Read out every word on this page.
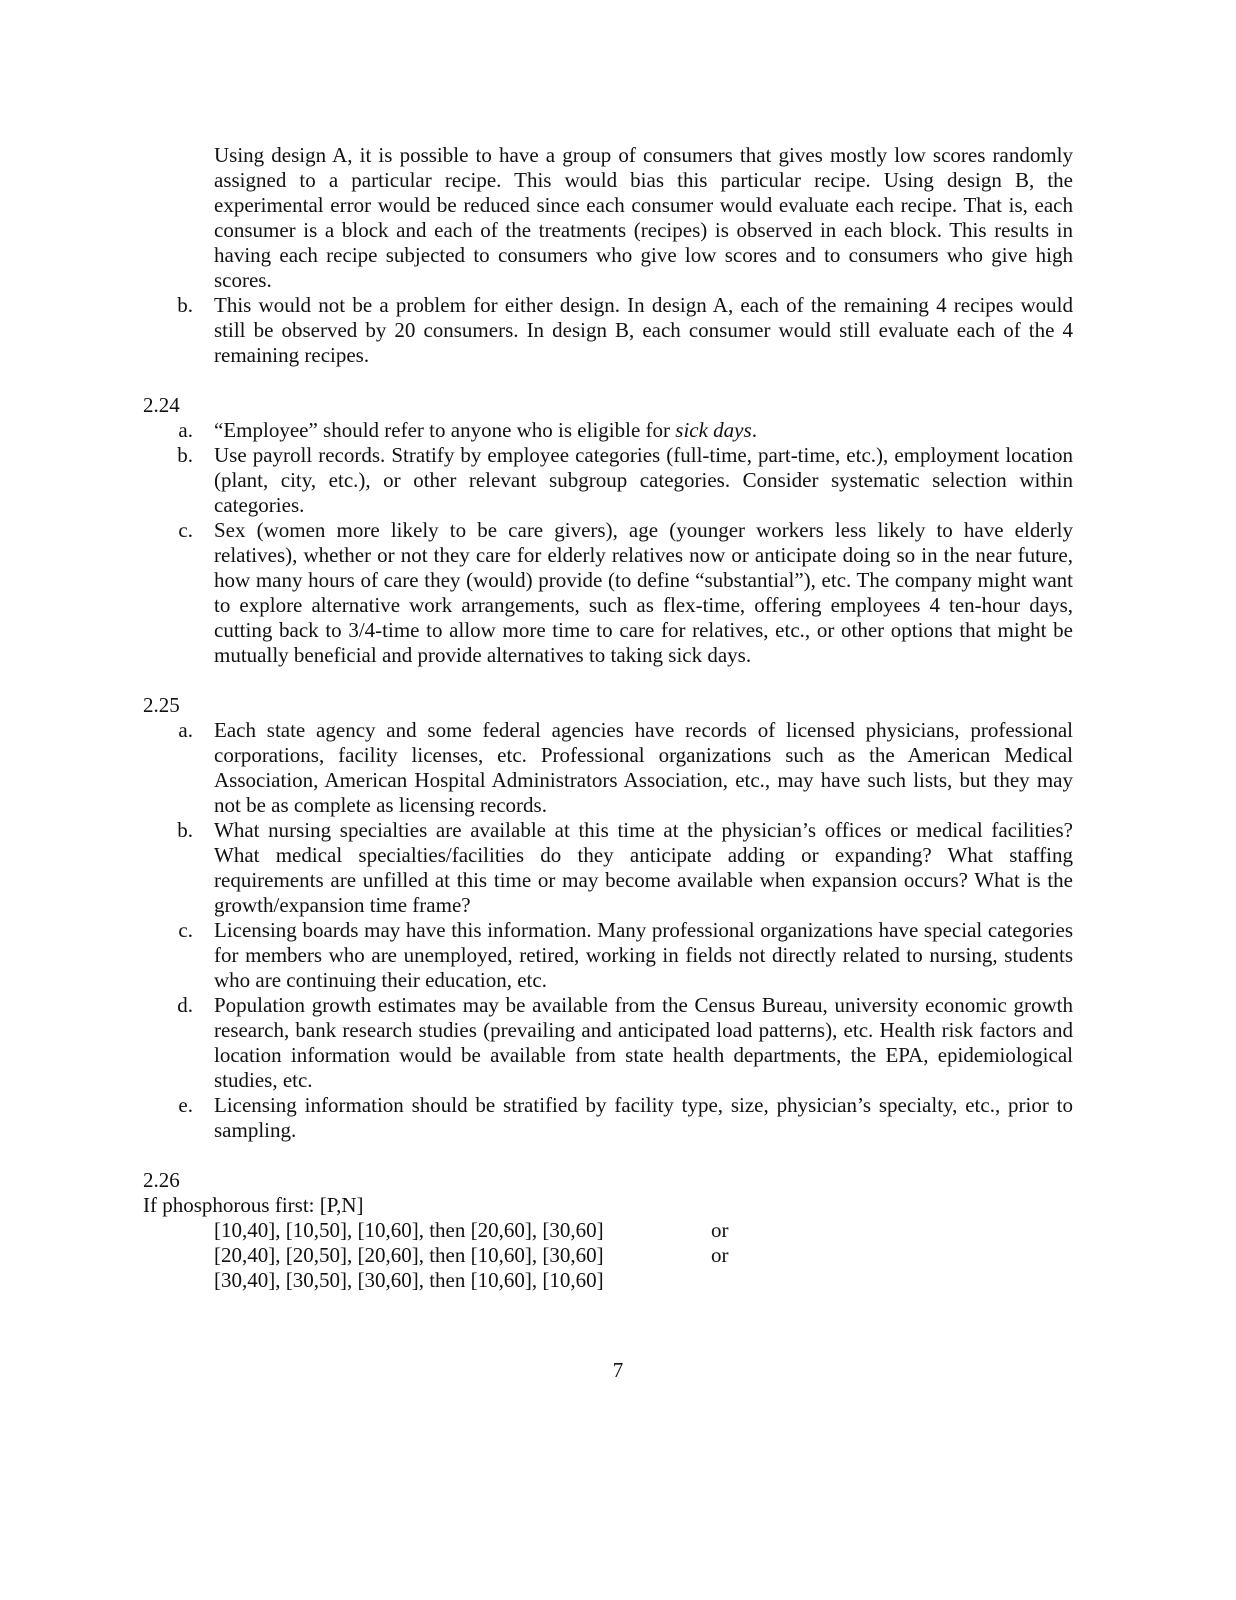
Using design A, it is possible to have a group of consumers that gives mostly low scores randomly assigned to a particular recipe. This would bias this particular recipe. Using design B, the experimental error would be reduced since each consumer would evaluate each recipe. That is, each consumer is a block and each of the treatments (recipes) is observed in each block. This results in having each recipe subjected to consumers who give low scores and to consumers who give high scores.
b.	This would not be a problem for either design. In design A, each of the remaining 4 recipes would still be observed by 20 consumers. In design B, each consumer would still evaluate each of the 4 remaining recipes.
2.24
a.	“Employee” should refer to anyone who is eligible for sick days.
b.	Use payroll records. Stratify by employee categories (full-time, part-time, etc.), employment location (plant, city, etc.), or other relevant subgroup categories. Consider systematic selection within categories.
c.	Sex (women more likely to be care givers), age (younger workers less likely to have elderly relatives), whether or not they care for elderly relatives now or anticipate doing so in the near future, how many hours of care they (would) provide (to define “substantial”), etc. The company might want to explore alternative work arrangements, such as flex-time, offering employees 4 ten-hour days, cutting back to 3/4-time to allow more time to care for relatives, etc., or other options that might be mutually beneficial and provide alternatives to taking sick days.
2.25
a.	Each state agency and some federal agencies have records of licensed physicians, professional corporations, facility licenses, etc. Professional organizations such as the American Medical Association, American Hospital Administrators Association, etc., may have such lists, but they may not be as complete as licensing records.
b.	What nursing specialties are available at this time at the physician’s offices or medical facilities? What medical specialties/facilities do they anticipate adding or expanding? What staffing requirements are unfilled at this time or may become available when expansion occurs? What is the growth/expansion time frame?
c.	Licensing boards may have this information. Many professional organizations have special categories for members who are unemployed, retired, working in fields not directly related to nursing, students who are continuing their education, etc.
d.	Population growth estimates may be available from the Census Bureau, university economic growth research, bank research studies (prevailing and anticipated load patterns), etc. Health risk factors and location information would be available from state health departments, the EPA, epidemiological studies, etc.
e.	Licensing information should be stratified by facility type, size, physician’s specialty, etc., prior to sampling.
2.26
If phosphorous first: [P,N]
[10,40], [10,50], [10,60], then [20,60], [30,60]	or
[20,40], [20,50], [20,60], then [10,60], [30,60]	or
[30,40], [30,50], [30,60], then [10,60], [10,60]
7
